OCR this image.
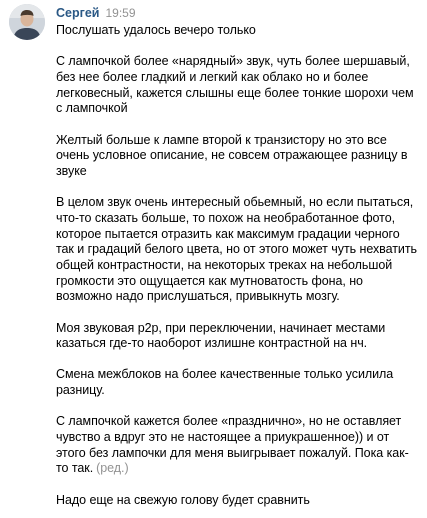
Сергей 19:59

Послушать удалось вечеро только

С лампочкой более «нарядный» звук, чуть более шершавый, без нее более гладкий и легкий как облако но и более легковесный, кажется слышны еще более тонкие шорохи чем с лампочкой

Желтый больше к лампе второй к транзистору но это все очень условное описание, не совсем отражающее разницу в звуке

В целом звук очень интересный обьемный, но если пытаться, что-то сказать больше, то похож на необработанное фото, которое пытается отразить как максимум градации черного так и градаций белого цвета, но от этого может чуть нехватить общей контрастности, на некоторых треках на небольшой громкости это ощущается как мутноватость фона, но возможно надо прислушаться, привыкнуть мозгу.

Моя звуковая р2р, при переключении, начинает местами казаться где-то наоборот излишне контрастной на нч.

Смена межблоков на более качественные только усилила разницу.

С лампочкой кажется более «празднично», но не оставляет чувство а вдруг это не настоящее а приукрашенное)) и от этого без лампочки для меня выигрывает пожалуй. Пока как-то так. (ред.)

Надо еще на свежую голову будет сравнить
